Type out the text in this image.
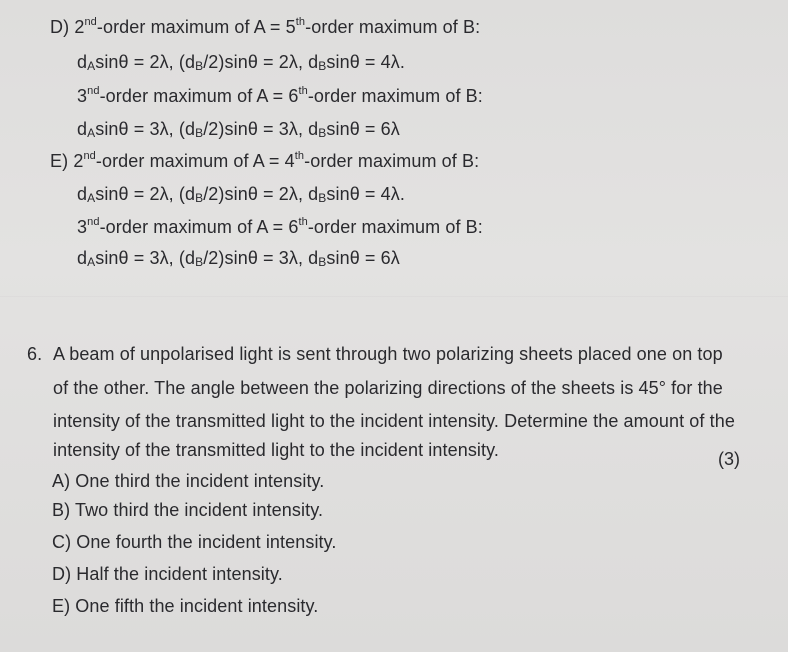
D) 2nd-order maximum of A = 5th-order maximum of B:
dAsinθ = 2λ, (dB/2)sinθ = 2λ, dBsinθ = 4λ.
3nd-order maximum of A = 6th-order maximum of B:
dAsinθ = 3λ, (dB/2)sinθ = 3λ, dBsinθ = 6λ
E) 2nd-order maximum of A = 4th-order maximum of B:
dAsinθ = 2λ, (dB/2)sinθ = 2λ, dBsinθ = 4λ.
3nd-order maximum of A = 6th-order maximum of B:
dAsinθ = 3λ, (dB/2)sinθ = 3λ, dBsinθ = 6λ
6. A beam of unpolarised light is sent through two polarizing sheets placed one on top
of the other. The angle between the polarizing directions of the sheets is 45° for the
intensity of the transmitted light to the incident intensity. Determine the amount of the
intensity of the transmitted light to the incident intensity.	(3)
A) One third the incident intensity.
B) Two third the incident intensity.
C) One fourth the incident intensity.
D) Half the incident intensity.
E) One fifth the incident intensity.
